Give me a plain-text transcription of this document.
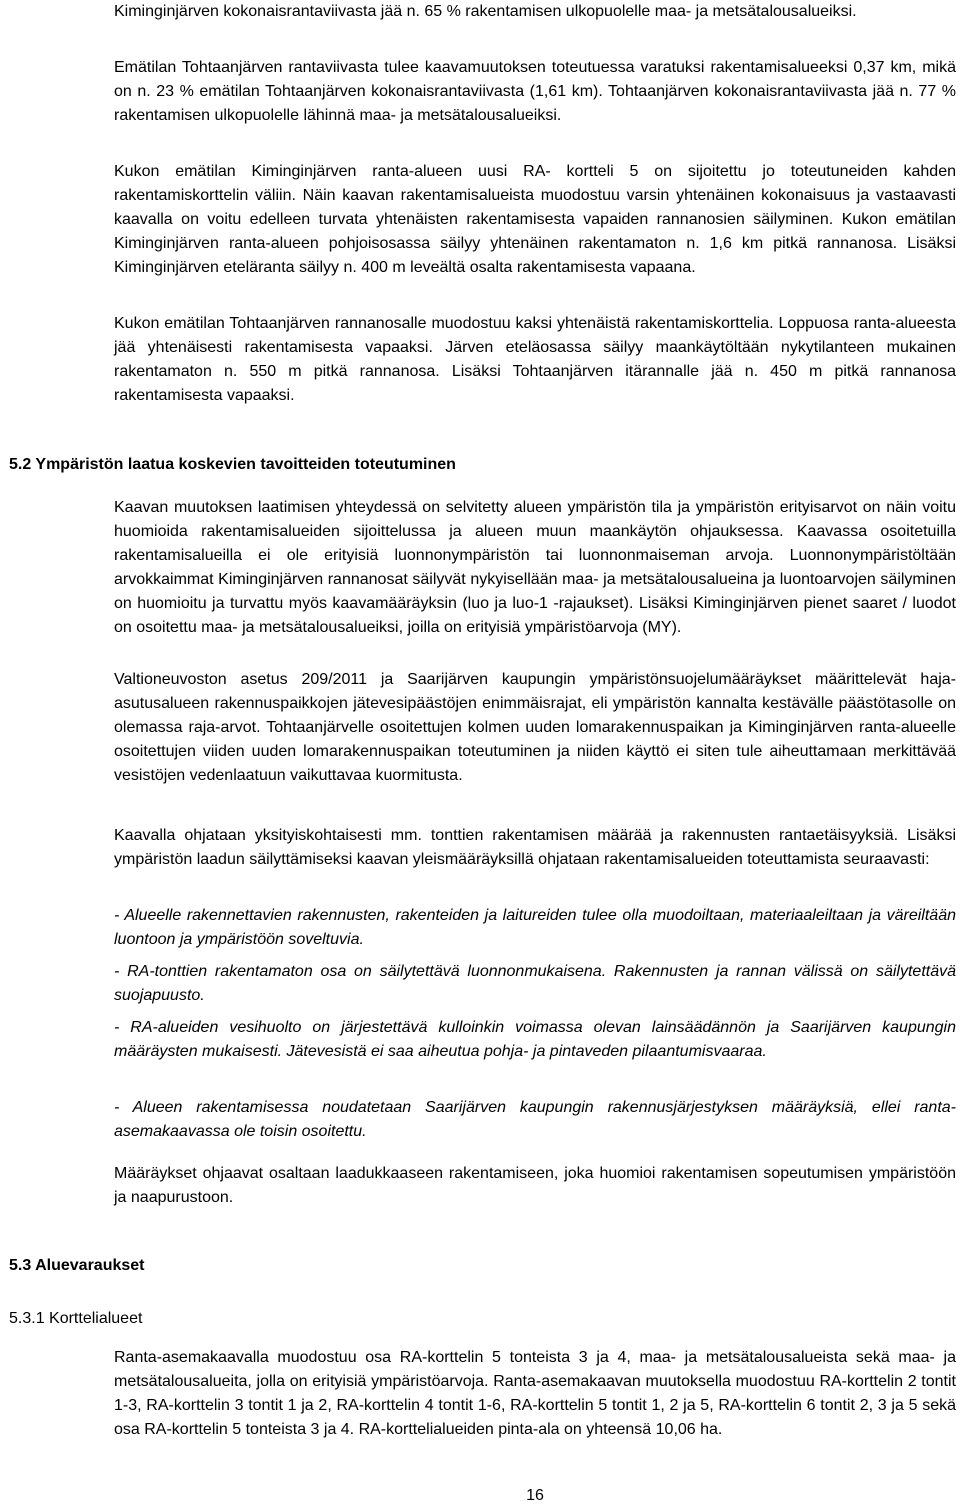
Kiminginjärven kokonaisrantaviivasta jää n. 65 % rakentamisen ulkopuolelle maa- ja metsätalousalueiksi.

Emätilan Tohtaanjärven rantaviivasta tulee kaavamuutoksen toteutuessa varatuksi rakentamisalueeksi 0,37 km, mikä on n. 23 % emätilan Tohtaanjärven kokonaisrantaviivasta (1,61 km). Tohtaanjärven kokonaisrantaviivasta jää n. 77 % rakentamisen ulkopuolelle lähinnä maa- ja metsätalousalueiksi.

Kukon emätilan Kiminginjärven ranta-alueen uusi RA- kortteli 5 on sijoitettu jo toteutuneiden kahden rakentamiskorttelin väliin. Näin kaavan rakentamisalueista muodostuu varsin yhtenäinen kokonaisuus ja vastaavasti kaavalla on voitu edelleen turvata yhtenäisten rakentamisesta vapaiden rannanosien säilyminen. Kukon emätilan Kiminginjärven ranta-alueen pohjoisosassa säilyy yhtenäinen rakentamaton n. 1,6 km pitkä rannanosa. Lisäksi Kiminginjärven eteläranta säilyy n. 400 m leveältä osalta rakentamisesta vapaana.

Kukon emätilan Tohtaanjärven rannanosalle muodostuu kaksi yhtenäistä rakentamiskorttelia. Loppuosa ranta-alueesta jää yhtenäisesti rakentamisesta vapaaksi. Järven eteläosassa säilyy maankäytöltään nykytilanteen mukainen rakentamaton n. 550 m pitkä rannanosa. Lisäksi Tohtaanjärven itärannalle jää n. 450 m pitkä rannanosa rakentamisesta vapaaksi.

5.2 Ympäristön laatua koskevien tavoitteiden toteutuminen

Kaavan muutoksen laatimisen yhteydessä on selvitetty alueen ympäristön tila ja ympäristön erityisarvot on näin voitu huomioida rakentamisalueiden sijoittelussa ja alueen muun maankäytön ohjauksessa. Kaavassa osoitetuilla rakentamisalueilla ei ole erityisiä luonnonympäristön tai luonnonmaiseman arvoja. Luonnonympäristöltään arvokkaimmat Kiminginjärven rannanosat säilyvät nykyisellään maa- ja metsätalousalueina ja luontoarvojen säilyminen on huomioitu ja turvattu myös kaavamääräyksin (luo ja luo-1 -rajaukset). Lisäksi Kiminginjärven pienet saaret / luodot on osoitettu maa- ja metsätalousalueiksi, joilla on erityisiä ympäristöarvoja (MY).

Valtioneuvoston asetus 209/2011 ja Saarijärven kaupungin ympäristönsuojelumääräykset määrittelevät haja-asutusalueen rakennuspaikkojen jätevesipäästöjen enimmäisrajat, eli ympäristön kannalta kestävälle päästötasolle on olemassa raja-arvot. Tohtaanjärvelle osoitettujen kolmen uuden lomarakennuspaikan ja Kiminginjärven ranta-alueelle osoitettujen viiden uuden lomarakennuspaikan toteutuminen ja niiden käyttö ei siten tule aiheuttamaan merkittävää vesistöjen vedenlaatuun vaikuttavaa kuormitusta.

Kaavalla ohjataan yksityiskohtaisesti mm. tonttien rakentamisen määrää ja rakennusten rantaetäisyyksiä. Lisäksi ympäristön laadun säilyttämiseksi kaavan yleismääräyksillä ohjataan rakentamisalueiden toteuttamista seuraavasti:

- Alueelle rakennettavien rakennusten, rakenteiden ja laitureiden tulee olla muodoiltaan, materiaaleiltaan ja väreiltään luontoon ja ympäristöön soveltuvia.

- RA-tonttien rakentamaton osa on säilytettävä luonnonmukaisena. Rakennusten ja rannan välissä on säilytettävä suojapuusto.

- RA-alueiden vesihuolto on järjestettävä kulloinkin voimassa olevan lainsäädännön ja Saarijärven kaupungin määräysten mukaisesti. Jätevesistä ei saa aiheutua pohja- ja pintaveden pilaantumisvaaraa.

- Alueen rakentamisessa noudatetaan Saarijärven kaupungin rakennusjärjestyksen määräyksiä, ellei ranta-asemakaavassa ole toisin osoitettu.

Määräykset ohjaavat osaltaan laadukkaaseen rakentamiseen, joka huomioi rakentamisen sopeutumisen ympäristöön ja naapurustoon.

5.3 Aluevaraukset
5.3.1 Korttelialueet

Ranta-asemakaavalla muodostuu osa RA-korttelin 5 tonteista 3 ja 4, maa- ja metsätalousalueista sekä maa- ja metsätalousalueita, jolla on erityisiä ympäristöarvoja. Ranta-asemakaavan muutoksella muodostuu RA-korttelin 2 tontit 1-3, RA-korttelin 3 tontit 1 ja 2, RA-korttelin 4 tontit 1-6, RA-korttelin 5 tontit 1, 2 ja 5, RA-korttelin 6 tontit 2, 3 ja 5 sekä osa RA-korttelin 5 tonteista 3 ja 4. RA-korttelialueiden pinta-ala on yhteensä 10,06 ha.

16
